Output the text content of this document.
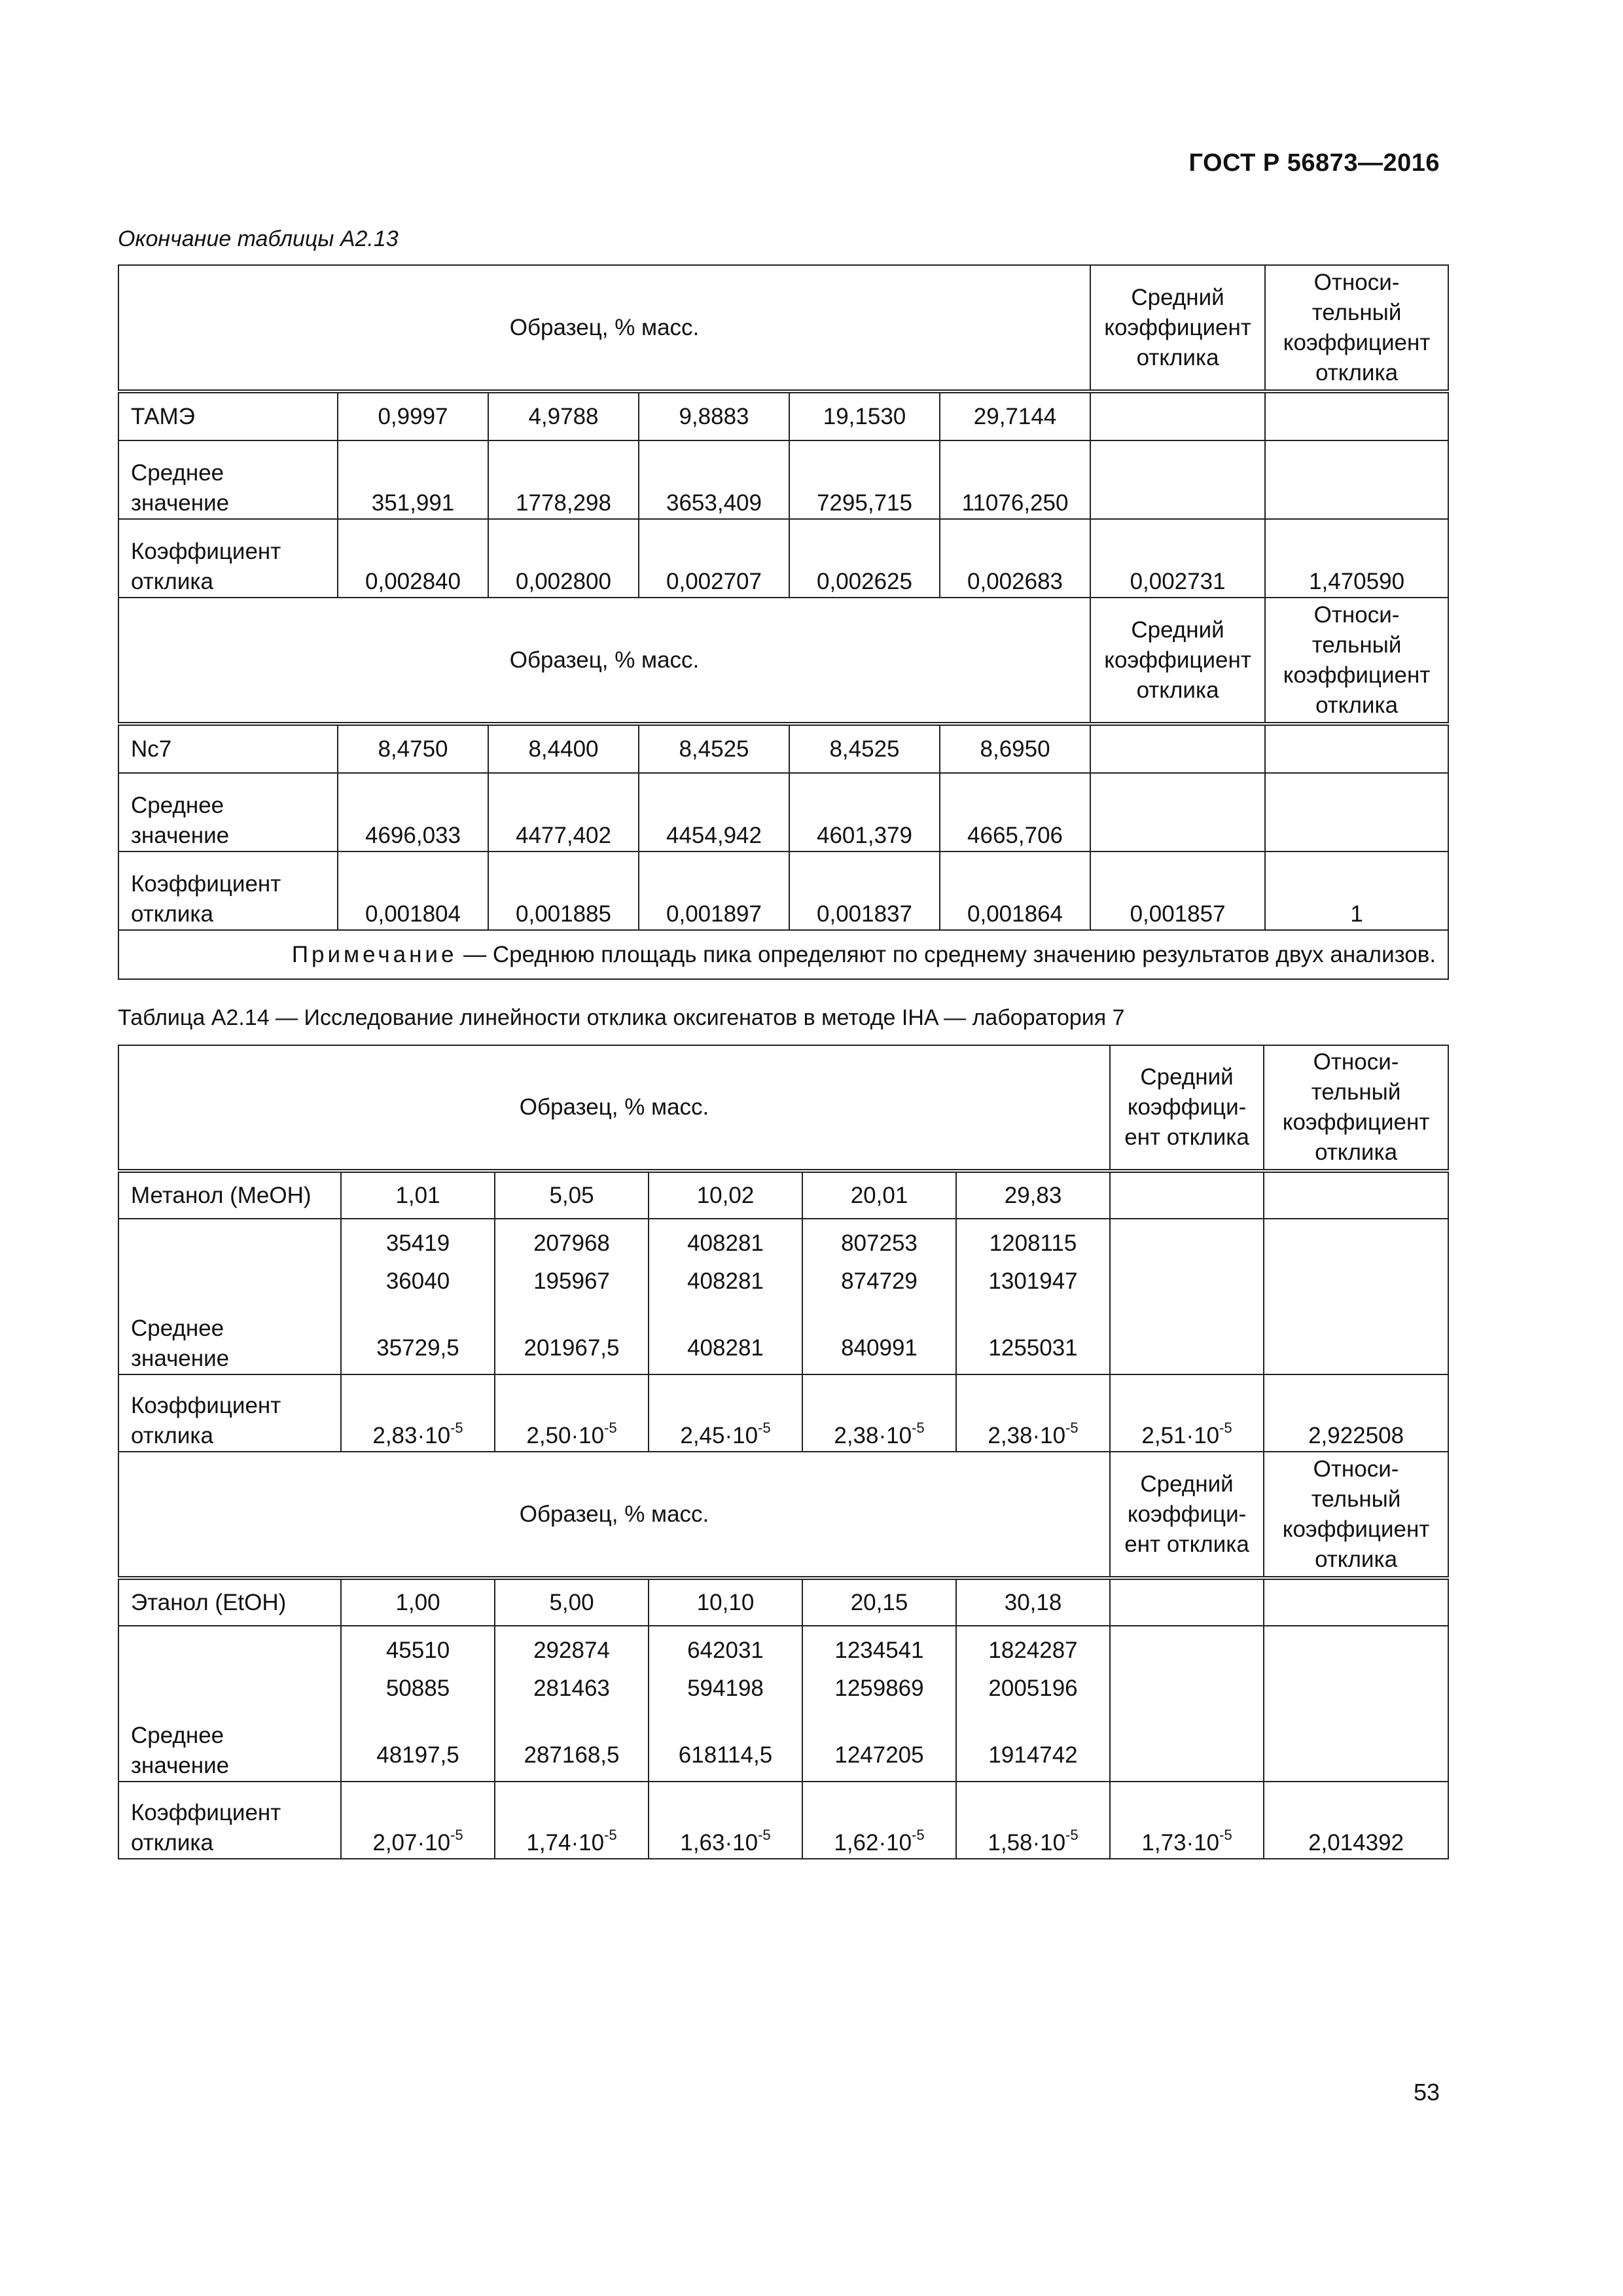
ГОСТ Р 56873—2016
Окончание таблицы А2.13
Образец, % масс.						Средний
коэффициент
отклика	Относи-
тельный
коэффициент
отклика

ТАМЭ	0,9997	4,9788	9,8883	19,1530	29,7144		

Среднее
значение	351,991	1778,298	3653,409	7295,715	11076,250		

Коэффициент
отклика	0,002840	0,002800	0,002707	0,002625	0,002683	0,002731	1,470590
Образец, % масс.						Средний
коэффициент
отклика	Относи-
тельный
коэффициент
отклика

Nc7	8,4750	8,4400	8,4525	8,4525	8,6950		

Среднее
значение	4696,033	4477,402	4454,942	4601,379	4665,706		

Коэффициент
отклика	0,001804	0,001885	0,001897	0,001837	0,001864	0,001857	1
Примечание — Среднюю площадь пика определяют по среднему значению результатов двух анализов.							
Таблица А2.14 — Исследование линейности отклика оксигенатов в методе IHA — лаборатория 7
Образец, % масс.						Средний
коэффици-
ент отклика	Относи-
тельный
коэффициент
отклика

Метанол (MeOH)	1,01	5,05	10,02	20,01	29,83		

Среднее
значение	35419
36040
35729,5	207968
195967
201967,5	408281
408281
408281	807253
874729
840991	1208115
1301947
1255031		

Коэффициент
отклика	$2,83\cdot 10^{-5}$	$2,50\cdot 10^{-5}$	$2,45\cdot 10^{-5}$	$2,38\cdot 10^{-5}$	$2,38\cdot 10^{-5}$	$2,51\cdot 10^{-5}$	2,922508
Образец, % масс.						Средний
коэффици-
ент отклика	Относи-
тельный
коэффициент
отклика

Этанол (EtOH)	1,00	5,00	10,10	20,15	30,18		

Среднее
значение	45510
50885
48197,5	292874
281463
287168,5	642031
594198
618114,5	1234541
1259869
1247205	1824287
2005196
1914742		

Коэффициент
отклика	$2,07\cdot 10^{-5}$	$1,74\cdot 10^{-5}$	$1,63\cdot 10^{-5}$	$1,62\cdot 10^{-5}$	$1,58\cdot 10^{-5}$	$1,73\cdot 10^{-5}$	2,014392
53
